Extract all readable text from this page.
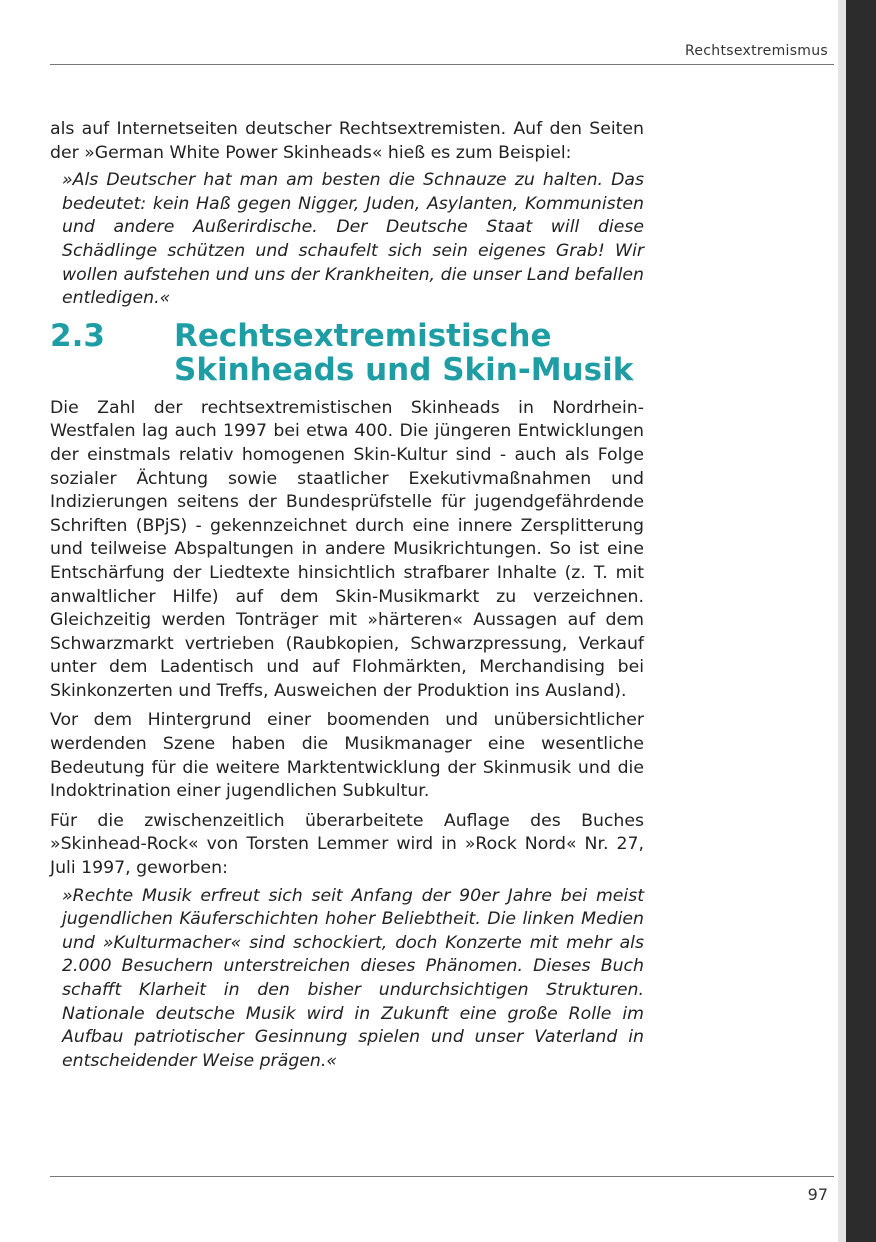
Rechtsextremismus

als auf Internetseiten deutscher Rechtsextremisten. Auf den Seiten der »German White Power Skinheads« hieß es zum Beispiel:

»Als Deutscher hat man am besten die Schnauze zu halten. Das bedeutet: kein Haß gegen Nigger, Juden, Asylanten, Kommunisten und andere Außerirdische. Der Deutsche Staat will diese Schädlinge schützen und schaufelt sich sein eigenes Grab! Wir wollen aufstehen und uns der Krankheiten, die unser Land befallen entledigen.«

2.3	Rechtsextremistische
Skinheads und Skin-Musik

Die Zahl der rechtsextremistischen Skinheads in Nordrhein-Westfalen lag auch 1997 bei etwa 400. Die jüngeren Entwicklungen der einstmals relativ homogenen Skin-Kultur sind - auch als Folge sozialer Ächtung sowie staatlicher Exekutivmaßnahmen und Indizierungen seitens der Bundesprüfstelle für jugendgefährdende Schriften (BPjS) - gekennzeichnet durch eine innere Zersplitterung und teilweise Abspaltungen in andere Musikrichtungen. So ist eine Entschärfung der Liedtexte hinsichtlich strafbarer Inhalte (z. T. mit anwaltlicher Hilfe) auf dem Skin-Musikmarkt zu verzeichnen. Gleichzeitig werden Tonträger mit »härteren« Aussagen auf dem Schwarzmarkt vertrieben (Raubkopien, Schwarzpressung, Verkauf unter dem Ladentisch und auf Flohmärkten, Merchandising bei Skinkonzerten und Treffs, Ausweichen der Produktion ins Ausland).

Vor dem Hintergrund einer boomenden und unübersichtlicher werdenden Szene haben die Musikmanager eine wesentliche Bedeutung für die weitere Marktentwicklung der Skinmusik und die Indoktrination einer jugendlichen Subkultur.

Für die zwischenzeitlich überarbeitete Auflage des Buches »Skinhead-Rock« von Torsten Lemmer wird in »Rock Nord« Nr. 27, Juli 1997, geworben:

»Rechte Musik erfreut sich seit Anfang der 90er Jahre bei meist jugendlichen Käuferschichten hoher Beliebtheit. Die linken Medien und »Kulturmacher« sind schockiert, doch Konzerte mit mehr als 2.000 Besuchern unterstreichen dieses Phänomen. Dieses Buch schafft Klarheit in den bisher undurchsichtigen Strukturen. Nationale deutsche Musik wird in Zukunft eine große Rolle im Aufbau patriotischer Gesinnung spielen und unser Vaterland in entscheidender Weise prägen.«

97
